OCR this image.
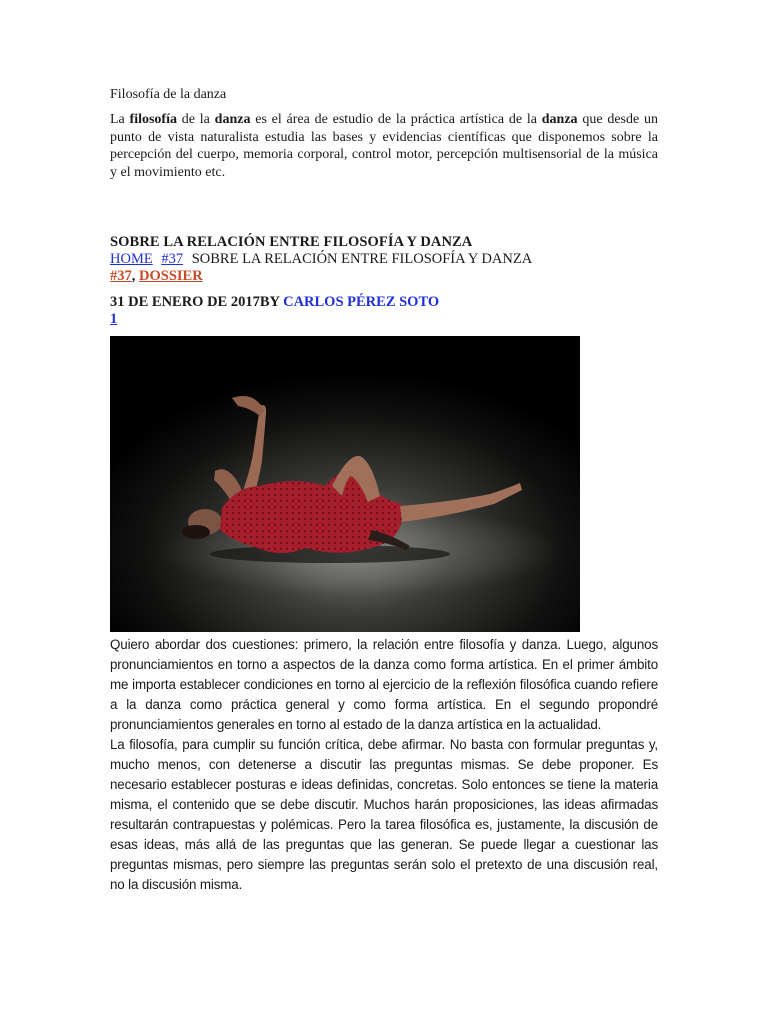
Filosofía de la danza
La filosofía de la danza es el área de estudio de la práctica artística de la danza que desde un punto de vista naturalista estudia las bases y evidencias científicas que disponemos sobre la percepción del cuerpo, memoria corporal, control motor, percepción multisensorial de la música y el movimiento etc.
SOBRE LA RELACIÓN ENTRE FILOSOFÍA Y DANZA
HOME #37 SOBRE LA RELACIÓN ENTRE FILOSOFÍA Y DANZA
#37, DOSSIER
31 DE ENERO DE 2017BY CARLOS PÉREZ SOTO
1

Quiero abordar dos cuestiones: primero, la relación entre filosofía y danza. Luego, algunos pronunciamientos en torno a aspectos de la danza como forma artística. En el primer ámbito me importa establecer condiciones en torno al ejercicio de la reflexión filosófica cuando refiere a la danza como práctica general y como forma artística. En el segundo propondré pronunciamientos generales en torno al estado de la danza artística en la actualidad.

La filosofía, para cumplir su función crítica, debe afirmar. No basta con formular preguntas y, mucho menos, con detenerse a discutir las preguntas mismas. Se debe proponer. Es necesario establecer posturas e ideas definidas, concretas. Solo entonces se tiene la materia misma, el contenido que se debe discutir. Muchos harán proposiciones, las ideas afirmadas resultarán contrapuestas y polémicas. Pero la tarea filosófica es, justamente, la discusión de esas ideas, más allá de las preguntas que las generan. Se puede llegar a cuestionar las preguntas mismas, pero siempre las preguntas serán solo el pretexto de una discusión real, no la discusión misma.
